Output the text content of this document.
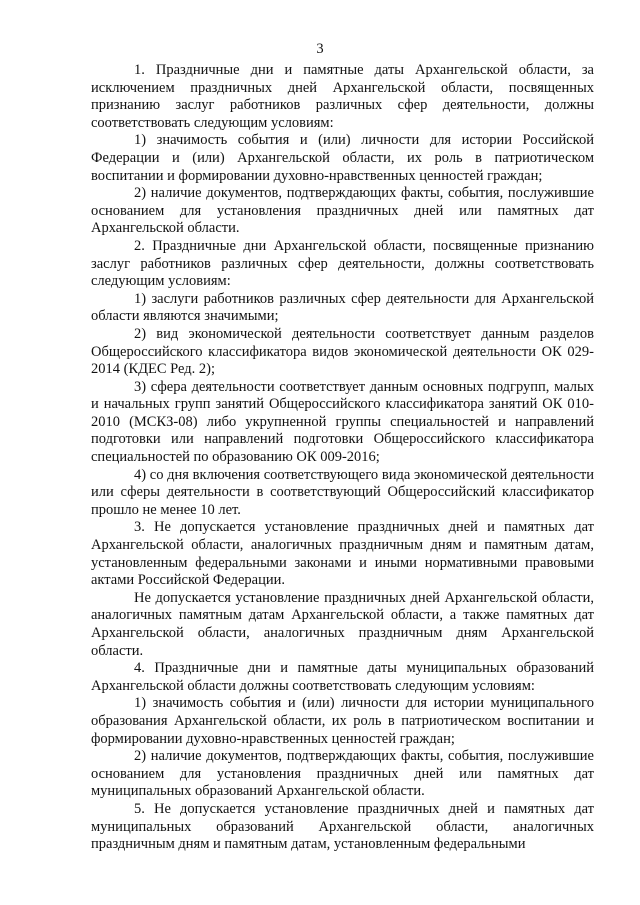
3

1. Праздничные дни и памятные даты Архангельской области, за исключением праздничных дней Архангельской области, посвященных признанию заслуг работников различных сфер деятельности, должны соответствовать следующим условиям:

1) значимость события и (или) личности для истории Российской Федерации и (или) Архангельской области, их роль в патриотическом воспитании и формировании духовно-нравственных ценностей граждан;

2) наличие документов, подтверждающих факты, события, послужившие основанием для установления праздничных дней или памятных дат Архангельской области.

2. Праздничные дни Архангельской области, посвященные признанию заслуг работников различных сфер деятельности, должны соответствовать следующим условиям:

1) заслуги работников различных сфер деятельности для Архангельской области являются значимыми;

2) вид экономической деятельности соответствует данным разделов Общероссийского классификатора видов экономической деятельности ОК 029-2014 (КДЕС Ред. 2);

3) сфера деятельности соответствует данным основных подгрупп, малых и начальных групп занятий Общероссийского классификатора занятий ОК 010-2010 (МСКЗ-08) либо укрупненной группы специальностей и направлений подготовки или направлений подготовки Общероссийского классификатора специальностей по образованию ОК 009-2016;

4) со дня включения соответствующего вида экономической деятельности или сферы деятельности в соответствующий Общероссийский классификатор прошло не менее 10 лет.

3. Не допускается установление праздничных дней и памятных дат Архангельской области, аналогичных праздничным дням и памятным датам, установленным федеральными законами и иными нормативными правовыми актами Российской Федерации.

Не допускается установление праздничных дней Архангельской области, аналогичных памятным датам Архангельской области, а также памятных дат Архангельской области, аналогичных праздничным дням Архангельской области.

4. Праздничные дни и памятные даты муниципальных образований Архангельской области должны соответствовать следующим условиям:

1) значимость события и (или) личности для истории муниципального образования Архангельской области, их роль в патриотическом воспитании и формировании духовно-нравственных ценностей граждан;

2) наличие документов, подтверждающих факты, события, послужившие основанием для установления праздничных дней или памятных дат муниципальных образований Архангельской области.

5. Не допускается установление праздничных дней и памятных дат муниципальных образований Архангельской области, аналогичных праздничным дням и памятным датам, установленным федеральными
